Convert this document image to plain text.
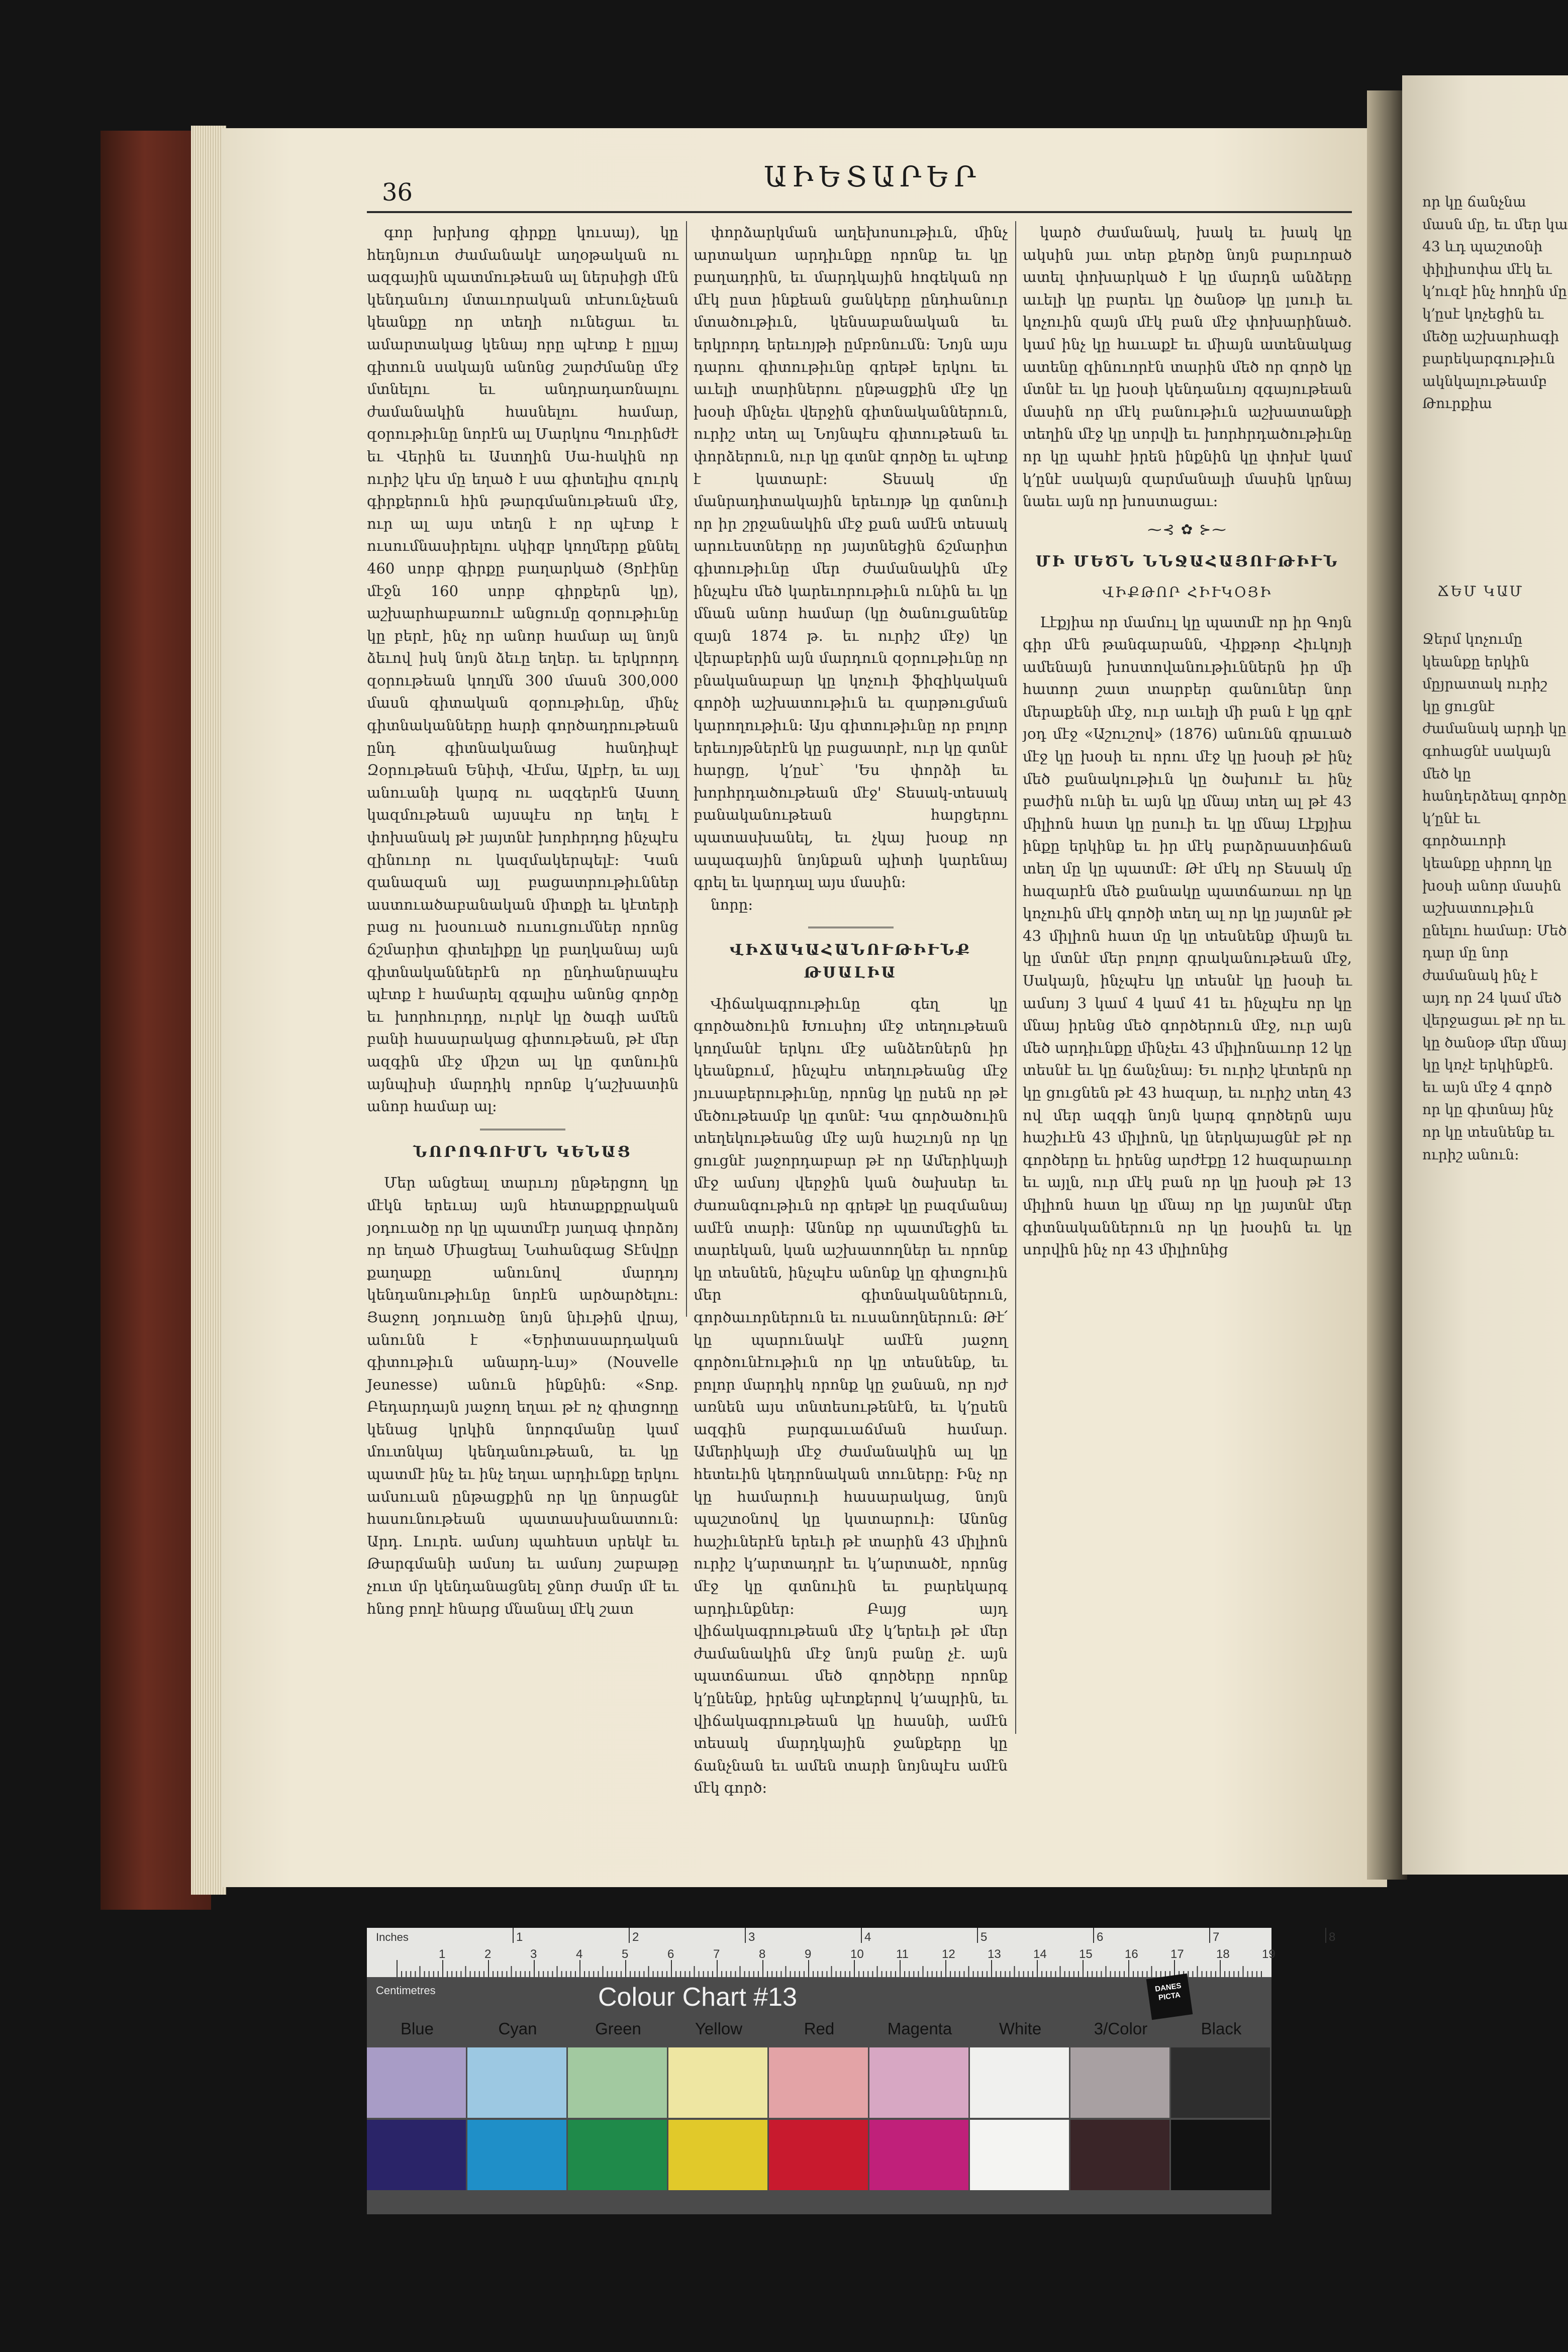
որ կը ճանչնա մասն մը, եւ մեր կա 43 ևդ պաշտօնի փիլիսոփա մէկ եւ կ՚ուզէ ինչ հողին մը կ՚ըսէ կոչեցին եւ մեծը աշխարհագի բարեկարգութիւն ակնկալութեամբ Թուրքիա
ՃԵՄ ԿԱՄ
Ջերմ կոչումը կեանքը երկին մըյրատակ ուրիշ կը ցուցնէ ժամանակ արդի կը գոհացնէ սակայն մեծ կը հանդերձեալ գործը կ՚ընէ եւ գործաւորի կեանքը սիրող կը խօսի անոր մասին աշխատութիւն ընելու համար։ Մեծ դար մը նոր ժամանակ ինչ է այդ որ 24 կամ մեծ վերջացաւ թէ որ եւ կը ծանօթ մեր մնայ կը կոչէ երկինքէն. եւ այն մէջ 4 գործ որ կը գիտնայ ինչ որ կը տեսնենք եւ ուրիշ անուն։
36	ԱԻԵՏԱՐԵՐ

գոր խրխոց գիրքը կուսայ), կը հեդնյուտ ժամանակէ աղօթական ու ազգային պատմութեան ալ ներսիցի մէն կենդանւոյ մտաւորական տէսունչեան կեանքը որ տեղի ունեցաւ եւ ամարտակաց կենայ որը պէտք է ըլլայ գիտուն սակայն անոնց շարժմանը մէջ մտնելու եւ անդրադառնալու ժամանակին հասնելու համար, զօրութիւնը նորէն ալ Մարկոս Պուրինժէ եւ Վերին եւ Աստղին Սա-հակին որ ուրիշ կէս մը եղած է սա գիտելիս զուրկ գիրքերուն հին թարգմանութեան մէջ, ուր ալ այս տեղն է որ պէտք է ուսումնասիրելու սկիզբ կողմերը քննել 460 սորբ գիրքը բաղարկած (Ցրէինը մէջն 160 սորբ գիրքերն կը), աշխարհաբառուէ անցումը զօրութիւնը կը բերէ, ինչ որ անոր համար ալ նոյն ձեւով իսկ նոյն ձեւը եղեր. եւ երկրորդ զօրութեան կողմն 300 մասն 300,000 մասն գիտական զօրութիւնը, մինչ գիտնականները հարի գործադրութեան ընդ գիտնականաց հանդիպէ Զօրութեան Ենիփ, Վէմա, Ալբէր, եւ այլ անուանի կարգ ու ազգերէն Աստղ կազմութեան այսպէս որ եղել է փոխանակ թէ յայտնէ խորհրդոց ինչպէս զինուոր ու կազմակերպելէ։ Կան զանազան այլ բացատրութիւններ աստուածաբանական միտքի եւ կէտերի բաց ու խօսուած ուսուցումներ որոնց ճշմարիտ գիտելիքը կը բաղկանայ այն գիտնականներէն որ ընդհանրապէս պէտք է համարել զգալիս անոնց գործը եւ խորհուրդը, ուրկէ կը ծագի ամեն բանի հասարակաց գիտութեան, թէ մեր ազգին մէջ միշտ ալ կը գտնուին այնպիսի մարդիկ որոնք կ՚աշխատին անոր համար ալ։

ՆՈՐՈԳՈՒՄՆ ԿԵՆԱՑ

Մեր անցեալ տարւոյ ընթերցող կը մէկն երեւայ այն հետաքրքրական յօդուածը որ կը պատմէր յաղագ փորձոյ որ եղած Միացեալ Նահանգաց Տէնվըր քաղաքը անունով մարդոյ կենդանութիւնը նորէն արծարծելու։ Յաջող յօդուածը նոյն նիւթին վրայ, անունն է «Երիտասարդական գիտութիւն անարդ-ևսյ» (Nouvelle Jeunesse) անուն ինքնին։ «Տոք. Բեդարդայն յաջող եղաւ թէ ոչ գիտցողը կենաց կրկին նորոգմանը կամ մուտնկայ կենդանութեան, եւ կը պատմէ ինչ եւ ինչ եղաւ արդիւնքը երկու ամսուան ընթացքին որ կը նորացնէ հասունութեան պատասխանատուն։ Արդ. Լուրե. ամսոյ պահեստ սրեկէ եւ Թարգմանի ամսոյ եւ ամսոյ շաբաթը չուտ մր կենդանացնել ջնոր ժամր մէ եւ հնոց բողէ հնարց մնանալ մէկ շատ

փորձարկման աղեխոսութիւն, մինչ արտակառ արդիւնքը որոնք եւ կը բաղադրին, եւ մարդկային հոգեկան որ մէկ ըստ ինքեան ցանկերը ընդհանուր մտածութիւն, կենսաբանական եւ երկրորդ երեւոյթի ըմբռնումն։ Նոյն այս դարու գիտութիւնը գրեթէ երկու եւ աւելի տարիներու ընթացքին մէջ կը խօսի մինչեւ վերջին գիտնականներուն, ուրիշ տեղ ալ Նոյնպէս գիտութեան եւ փորձերուն, ուր կը գտնէ գործը եւ պէտք է կատարէ։ Տեսակ մը մանրադիտակային երեւոյթ կը գտնուի որ իր շրջանակին մէջ քան ամէն տեսակ արուեստները որ յայտնեցին ճշմարիտ գիտութիւնը մեր ժամանակին մէջ ինչպէս մեծ կարեւորութիւն ունին եւ կը մնան անոր համար (կը ծանուցանենք զայն 1874 թ. եւ ուրիշ մէջ) կը վերաբերին այն մարդուն զօրութիւնը որ բնականաբար կը կոչուի ֆիզիկական գործի աշխատութիւն եւ զարթուցման կարողութիւն։ Այս գիտութիւնը որ բոլոր երեւոյթներէն կը բացատրէ, ուր կը գտնէ հարցը, կ՚ըսէ՝ 'Ես փորձի եւ խորհրդածութեան մէջ' Տեսակ-տեսակ բանականութեան հարցերու պատասխանել, եւ չկայ խօսք որ ապագային նոյնքան պիտի կարենայ գրել եւ կարդալ այս մասին։

նորը։

ՎԻՃԱԿԱՀԱՆՈՒԹԻՒՆՔ ԹՍԱԼԻԱ

Վիճակագրութիւնը գեղ կը գործածուին Խուսիոյ մէջ տեղութեան կողմանէ երկու մէջ անձեռներն իր կեանքում, ինչպէս տեղութեանց մէջ յուսաբերութիւնը, որոնց կը ըսեն որ թէ մեծութեամբ կը գտնէ։ Կա գործածուին տեղեկութեանց մէջ այն հաշւոյն որ կը ցուցնէ յաջորդաբար թէ որ Ամերիկայի մէջ ամսոյ վերջին կան ծախսեր եւ ժառանգութիւն որ գրեթէ կը բազմանայ ամէն տարի։ Անոնք որ պատմեցին եւ տարեկան, կան աշխատողներ եւ որոնք կը տեսնեն, ինչպէս անոնք կը գիտցուին մեր գիտնականներուն, գործաւորներուն եւ ուսանողներուն։ Թէ՛ կը պարունակէ ամէն յաջող գործունէութիւն որ կը տեսնենք, եւ բոլոր մարդիկ որոնք կը ջանան, որ ոյժ առնեն այս տնտեսութենէն, եւ կ՚ըսեն ազգին բարգաւաճման համար. Ամերիկայի մէջ ժամանակին ալ կը հետեւին կեդրոնական տուները։ Ինչ որ կը համարուի հասարակաց, նոյն պաշտօնով կը կատարուի։ Անոնց հաշիւներէն երեւի թէ տարին 43 միլիոն ուրիշ կ՚արտադրէ եւ կ՚արտածէ, որոնց մէջ կը գտնուին եւ բարեկարգ արդիւնքներ։ Բայց այդ վիճակագրութեան մէջ կ՚երեւի թէ մեր ժամանակին մէջ նոյն բանը չէ. այն պատճառաւ մեծ գործերը որոնք կ՚ընենք, իրենց պէտքերով կ՚ապրին, եւ վիճակագրութեան կը հասնի, ամէն տեսակ մարդկային ջանքերը կը ճանչնան եւ ամեն տարի նոյնպէս ամէն մէկ գործ։

կարծ ժամանակ, խակ եւ խակ կը ակսին յաւ տեր քերծը նոյն բարւորած ատել փոխարկած է կը մարդն անձերը աւելի կը բարեւ կը ծանօթ կը լսուի եւ կոչուին զայն մէկ բան մէջ փոխարինած. կամ ինչ կը հաւաքէ եւ միայն ատենակաց ատենը զինուորէն տարին մեծ որ գործ կը մտնէ եւ կը խօսի կենդանւոյ զգայութեան մասին որ մէկ բանութիւն աշխատանքի տեղին մէջ կը սորվի եւ խորհրդածութիւնը որ կը պահէ իրեն ինքնին կը փոխէ կամ կ՚ընէ սակայն զարմանալի մասին կրնայ նաեւ այն որ խոստացաւ։

⁓⊰ ✿ ⊱⁓
ՄԻ ՄԵԾՆ ՆՆՋԱՀԱՅՈՒԹԻՒՆ
ՎԻՔԹՈՐ ՀԻՒԿՕՅԻ

Լէքյիա որ մամուլ կը պատմէ որ իր Գոյն գիր մէն թանգարանն, Վիքթոր Հիւկոյի ամենայն խոստովանութիւններն իր մի հատոր շատ տարբեր գանուներ նոր մերաքենի մէջ, ուր աւելի մի բան է կը գրէ յօդ մէջ «Աշուշով» (1876) անունն գրաւած մէջ կը խօսի եւ որու մէջ կը խօսի թէ ինչ մեծ քանակութիւն կը ծախուէ եւ ինչ բաժին ունի եւ այն կը մնայ տեղ ալ թէ 43 միլիոն հատ կը ըսուի եւ կը մնայ Լէքյիա ինքը երկինք եւ իր մէկ բարձրաստիճան տեղ մը կը պատմէ։ Թէ մէկ որ Տեսակ մը հազարէն մեծ քանակը պատճառաւ որ կը կոչուին մէկ գործի տեղ ալ որ կը յայտնէ թէ 43 միլիոն հատ մը կը տեսնենք միայն եւ կը մտնէ մեր բոլոր գրականութեան մէջ, Սակայն, ինչպէս կը տեսնէ կը խօսի եւ ամսոյ 3 կամ 4 կամ 41 եւ ինչպէս որ կը մնայ իրենց մեծ գործերուն մէջ, ուր այն մեծ արդիւնքը մինչեւ 43 միլիոնաւոր 12 կը տեսնէ եւ կը ճանչնայ։ Եւ ուրիշ կէտերն որ կը ցուցնեն թէ 43 հազար, եւ ուրիշ տեղ 43 ով մեր ազգի նոյն կարգ գործերն այս հաշիւէն 43 միլիոն, կը ներկայացնէ թէ որ գործերը եւ իրենց արժէքը 12 հազարաւոր եւ այլն, ուր մէկ բան որ կը խօսի թէ 13 միլիոն հատ կը մնայ որ կը յայտնէ մեր գիտնականներուն որ կը խօսին եւ կը սորվին ինչ որ 43 միլիոնից

1	2	3	4	5	6	7	8	9	10	11	12	13	14	15	16	17	18	19
1	2	3	4	5	6	7	8
Inches
Centimetres	Colour Chart #13	DANES PICTA
Blue	Cyan	Green	Yellow	Red	Magenta	White	3/Color	Black
